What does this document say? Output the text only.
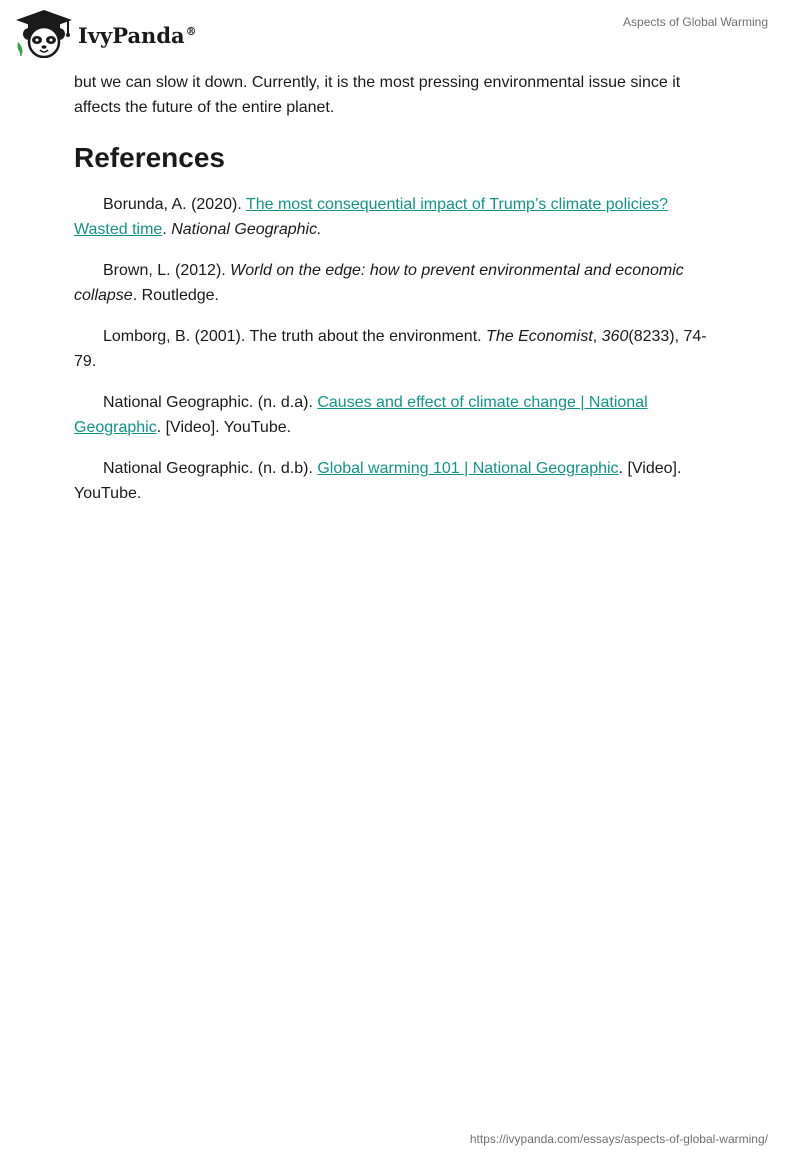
IvyPanda®
Aspects of Global Warming

but we can slow it down. Currently, it is the most pressing environmental issue since it affects the future of the entire planet.

References

Borunda, A. (2020). The most consequential impact of Trump’s climate policies? Wasted time. National Geographic.

Brown, L. (2012). World on the edge: how to prevent environmental and economic collapse. Routledge.

Lomborg, B. (2001). The truth about the environment. The Economist, 360(8233), 74-79.

National Geographic. (n. d.a). Causes and effect of climate change | National Geographic. [Video]. YouTube.

National Geographic. (n. d.b). Global warming 101 | National Geographic. [Video]. YouTube.

https://ivypanda.com/essays/aspects-of-global-warming/
